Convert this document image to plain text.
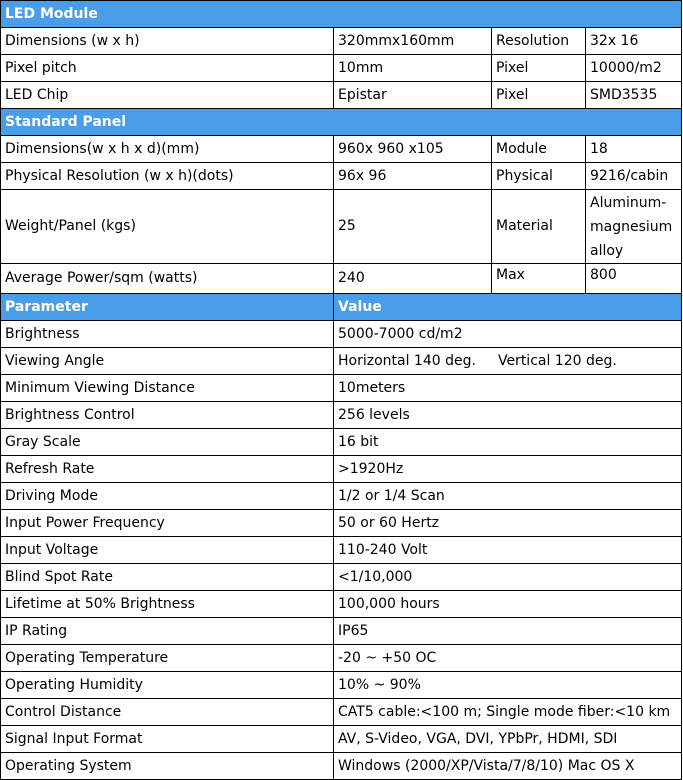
LED Module			
Dimensions (w x h)	320mmx160mm	Resolution	32x 16
Pixel pitch	10mm	Pixel	10000/m2
LED Chip	Epistar	Pixel	SMD3535
Standard Panel			
Dimensions(w x h x d)(mm)	960x 960 x105	Module	18
Physical Resolution (w x h)(dots)	96x 96	Physical	9216/cabin
Weight/Panel (kgs)	25	Material	Aluminum-magnesium alloy
Average Power/sqm (watts)	240	Max	800
Parameter	Value		
Brightness	5000-7000 cd/m2		
Viewing Angle	Horizontal 140 deg. Vertical 120 deg.		
Minimum Viewing Distance	10meters		
Brightness Control	256 levels		
Gray Scale	16 bit		
Refresh Rate	>1920Hz		
Driving Mode	1/2 or 1/4 Scan		
Input Power Frequency	50 or 60 Hertz		
Input Voltage	110-240 Volt		
Blind Spot Rate	<1/10,000		
Lifetime at 50% Brightness	100,000 hours		
IP Rating	IP65		
Operating Temperature	-20 ~ +50 OC		
Operating Humidity	10% ~ 90%		
Control Distance	CAT5 cable:<100 m; Single mode fiber:<10 km		
Signal Input Format	AV, S-Video, VGA, DVI, YPbPr, HDMI, SDI		
Operating System	Windows (2000/XP/Vista/7/8/10) Mac OS X		
